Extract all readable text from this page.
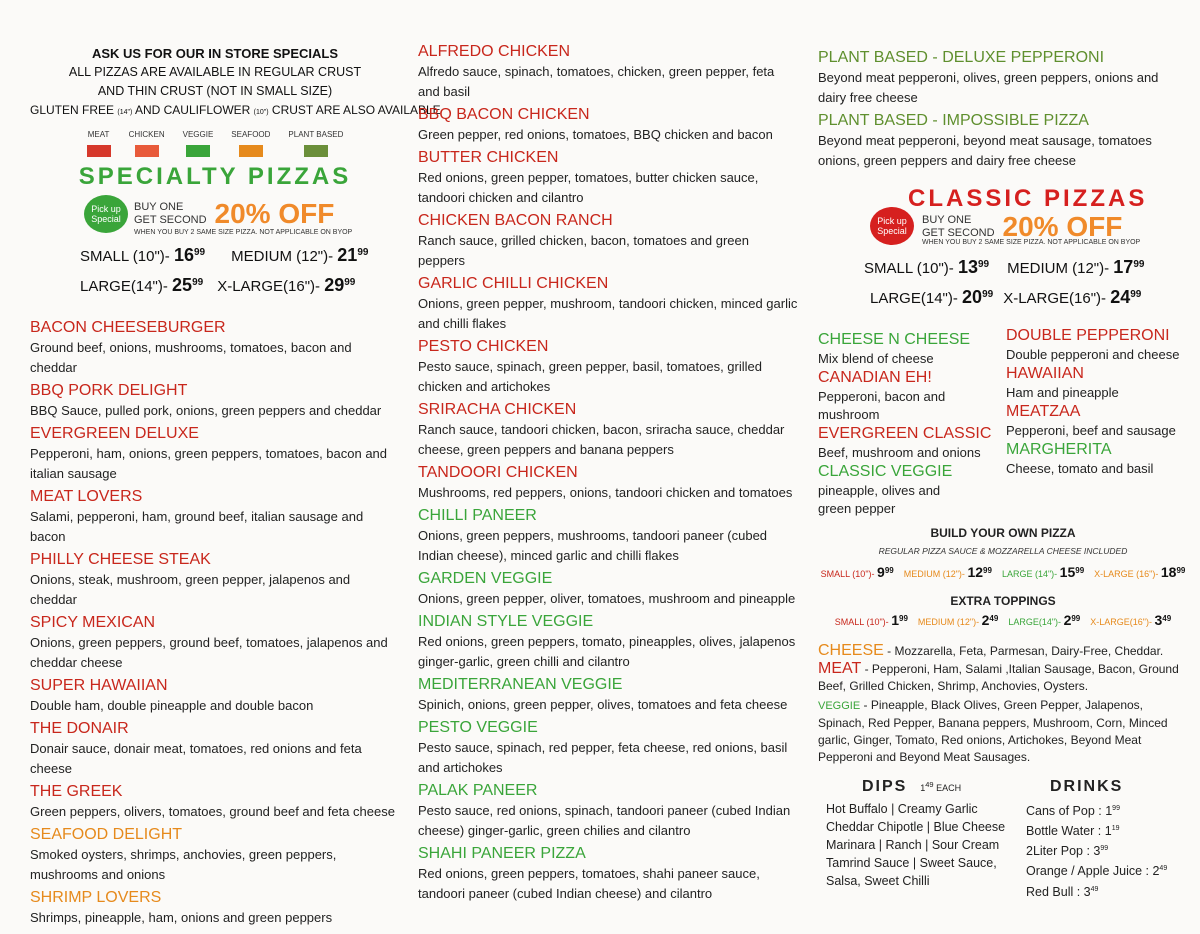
ASK US FOR OUR IN STORE SPECIALS
ALL PIZZAS ARE AVAILABLE IN REGULAR CRUST
AND THIN CRUST (NOT IN SMALL SIZE)
GLUTEN FREE (14") AND CAULIFLOWER (10") CRUST ARE ALSO AVAILABLE
MEAT CHICKEN VEGGIE SEAFOOD PLANT BASED
SPECIALTY PIZZAS
Pick up
Special
BUY ONE
GET SECOND 20% OFF
WHEN YOU BUY 2 SAME SIZE PIZZA. NOT APPLICABLE ON BYOP
SMALL (10")- $16^{99}$ MEDIUM (12")- $21^{99}$
LARGE(14")- $25^{99}$ X-LARGE(16")- $29^{99}$
BACON CHEESEBURGER
Ground beef, onions, mushrooms, tomatoes, bacon and cheddar
BBQ PORK DELIGHT
BBQ Sauce, pulled pork, onions, green peppers and cheddar
EVERGREEN DELUXE
Pepperoni, ham, onions, green peppers, tomatoes, bacon and italian sausage
MEAT LOVERS
Salami, pepperoni, ham, ground beef, italian sausage and bacon
PHILLY CHEESE STEAK
Onions, steak, mushroom, green pepper, jalapenos and cheddar
SPICY MEXICAN
Onions, green peppers, ground beef, tomatoes, jalapenos and cheddar cheese
SUPER HAWAIIAN
Double ham, double pineapple and double bacon
THE DONAIR
Donair sauce, donair meat, tomatoes, red onions and feta cheese
THE GREEK
Green peppers, olivers, tomatoes, ground beef and feta cheese
SEAFOOD DELIGHT
Smoked oysters, shrimps, anchovies, green peppers, mushrooms and onions
SHRIMP LOVERS
Shrimps, pineapple, ham, onions and green peppers
ALFREDO CHICKEN
Alfredo sauce, spinach, tomatoes, chicken, green pepper, feta and basil
BBQ BACON CHICKEN
Green pepper, red onions, tomatoes, BBQ chicken and bacon
BUTTER CHICKEN
Red onions, green pepper, tomatoes, butter chicken sauce, tandoori chicken and cilantro
CHICKEN BACON RANCH
Ranch sauce, grilled chicken, bacon, tomatoes and green peppers
GARLIC CHILLI CHICKEN
Onions, green pepper, mushroom, tandoori chicken, minced garlic and chilli flakes
PESTO CHICKEN
Pesto sauce, spinach, green pepper, basil, tomatoes, grilled chicken and artichokes
SRIRACHA CHICKEN
Ranch sauce, tandoori chicken, bacon, sriracha sauce, cheddar cheese, green peppers and banana peppers
TANDOORI CHICKEN
Mushrooms, red peppers, onions, tandoori chicken and tomatoes
CHILLI PANEER
Onions, green peppers, mushrooms, tandoori paneer (cubed Indian cheese), minced garlic and chilli flakes
GARDEN VEGGIE
Onions, green pepper, oliver, tomatoes, mushroom and pineapple
INDIAN STYLE VEGGIE
Red onions, green peppers, tomato, pineapples, olives, jalapenos ginger-garlic, green chilli and cilantro
MEDITERRANEAN VEGGIE
Spinich, onions, green pepper, olives, tomatoes and feta cheese
PESTO VEGGIE
Pesto sauce, spinach, red pepper, feta cheese, red onions, basil and artichokes
PALAK PANEER
Pesto sauce, red onions, spinach, tandoori paneer (cubed Indian cheese) ginger-garlic, green chilies and cilantro
SHAHI PANEER PIZZA
Red onions, green peppers, tomatoes, shahi paneer sauce, tandoori paneer (cubed Indian cheese) and cilantro
PLANT BASED - DELUXE PEPPERONI
Beyond meat pepperoni, olives, green peppers, onions and dairy free cheese
PLANT BASED - IMPOSSIBLE PIZZA
Beyond meat pepperoni, beyond meat sausage, tomatoes onions, green peppers and dairy free cheese
Pick up
Special
CLASSIC PIZZAS
BUY ONE
GET SECOND 20% OFF
WHEN YOU BUY 2 SAME SIZE PIZZA. NOT APPLICABLE ON BYOP
SMALL (10")- $13^{99}$ MEDIUM (12")- $17^{99}$
LARGE(14")- $20^{99}$ X-LARGE(16")- $24^{99}$
CHEESE N CHEESE
Mix blend of cheese
CANADIAN EH!
Pepperoni, bacon and mushroom
EVERGREEN CLASSIC
Beef, mushroom and onions
CLASSIC VEGGIE
pineapple, olives and green pepper
DOUBLE PEPPERONI
Double pepperoni and cheese
HAWAIIAN
Ham and pineapple
MEATZAA
Pepperoni, beef and sausage
MARGHERITA
Cheese, tomato and basil
BUILD YOUR OWN PIZZA
REGULAR PIZZA SAUCE & MOZZARELLA CHEESE INCLUDED
SMALL (10")- $9^{99}$ MEDIUM (12")- $12^{99}$ LARGE (14")- $15^{99}$ X-LARGE (16")- $18^{99}$
EXTRA TOPPINGS
SMALL (10")- $1^{99}$ MEDIUM (12")- $2^{49}$ LARGE(14")- $2^{99}$ X-LARGE(16")- $3^{49}$
CHEESE - Mozzarella, Feta, Parmesan, Dairy-Free, Cheddar.
MEAT - Pepperoni, Ham, Salami ,Italian Sausage, Bacon, Ground Beef, Grilled Chicken, Shrimp, Anchovies, Oysters.
VEGGIE - Pineapple, Black Olives, Green Pepper, Jalapenos, Spinach, Red Pepper, Banana peppers, Mushroom, Corn, Minced garlic, Ginger, Tomato, Red onions, Artichokes, Beyond Meat Pepperoni and Beyond Meat Sausages.
DIPS $1^{49}$ EACH
Hot Buffalo | Creamy Garlic
Cheddar Chipotle | Blue Cheese
Marinara | Ranch | Sour Cream
Tamrind Sauce | Sweet Sauce,
Salsa, Sweet Chilli
DRINKS
Cans of Pop : $1^{99}$
Bottle Water : $1^{19}$
2Liter Pop : $3^{99}$
Orange / Apple Juice : $2^{49}$
Red Bull : $3^{49}$
